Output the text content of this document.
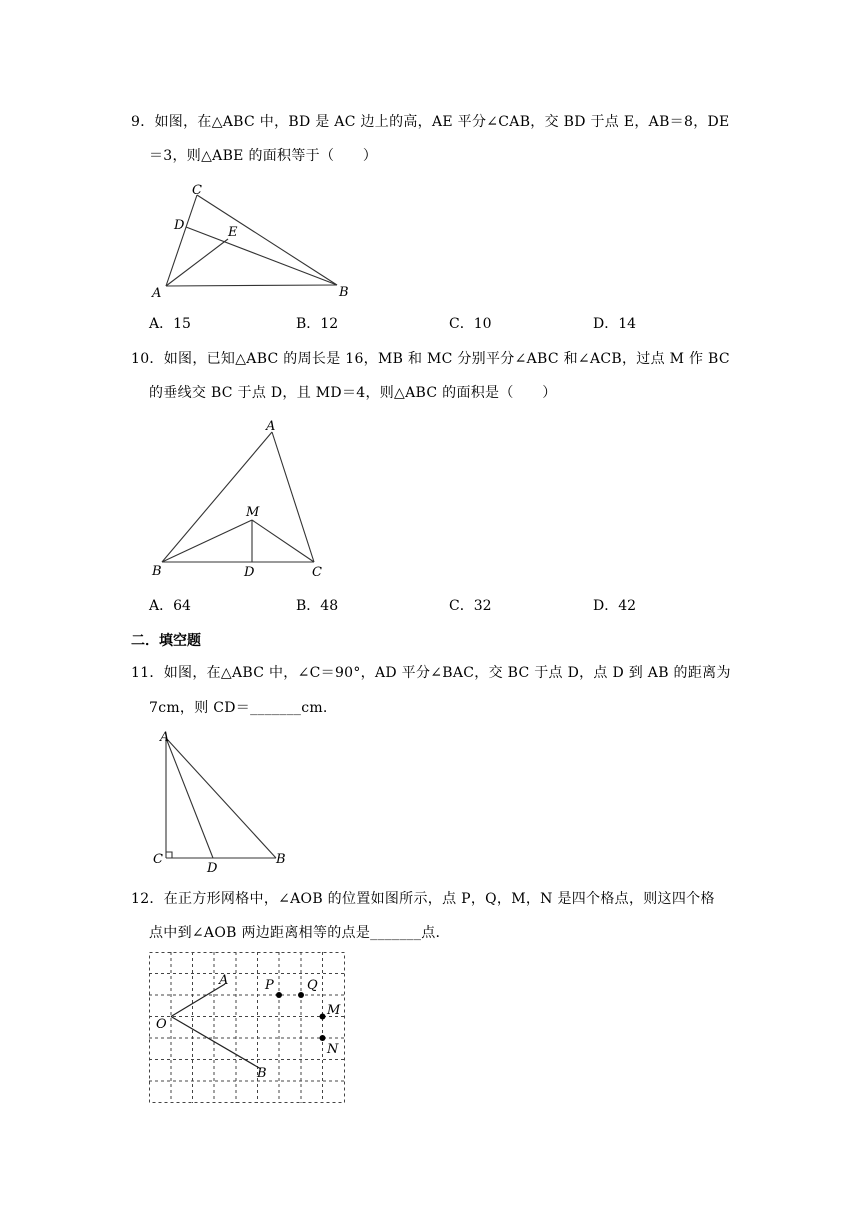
9．如图，在△ABC 中，BD 是 AC 边上的高，AE 平分∠CAB，交 BD 于点 E，AB＝8，DE
＝3，则△ABE 的面积等于（　　）
C
D	E
A	B
A．15	B．12	C．10	D．14
10．如图，已知△ABC 的周长是 16，MB 和 MC 分别平分∠ABC 和∠ACB，过点 M 作 BC
的垂线交 BC 于点 D，且 MD＝4，则△ABC 的面积是（　　）
A
M
B	D	C
A．64	B．48	C．32	D．42
二．填空题
11．如图，在△ABC 中，∠C＝90°，AD 平分∠BAC，交 BC 于点 D，点 D 到 AB 的距离为
7cm，则 CD＝_______cm.
A
C
D
B
12．在正方形网格中，∠AOB 的位置如图所示，点 P，Q，M，N 是四个格点，则这四个格
点中到∠AOB 两边距离相等的点是_______点.
O
A
B
P	Q
M
N
